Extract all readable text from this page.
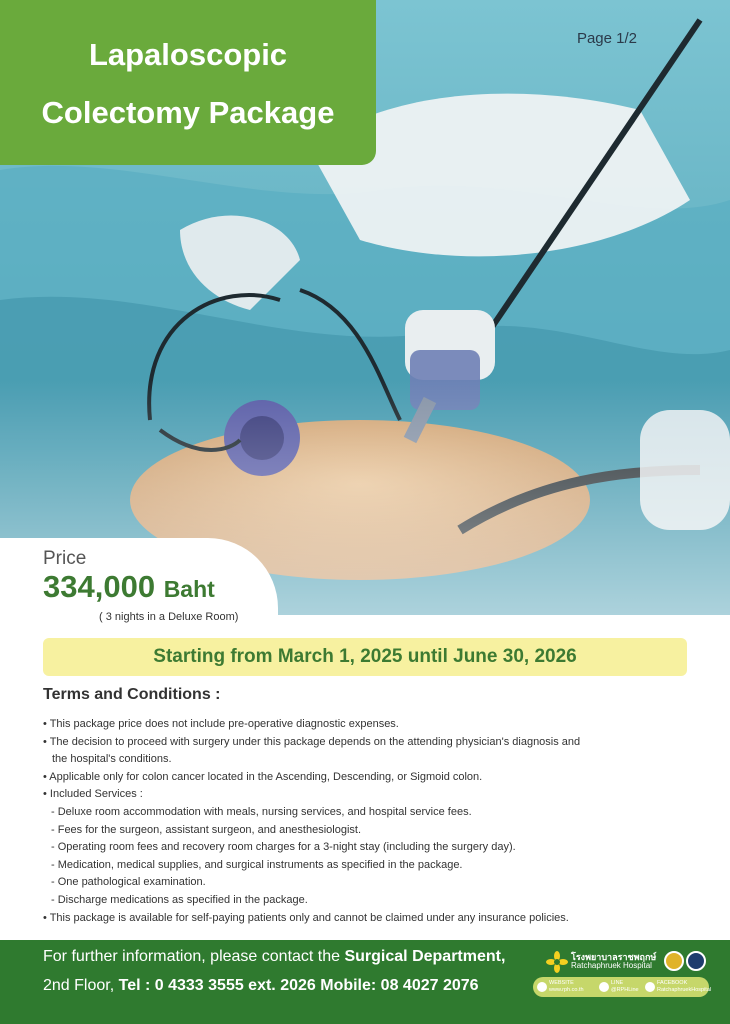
Lapaloscopic
Colectomy Package
Page 1/2
Price
334,000 Baht
( 3 nights in a Deluxe Room)
Starting from March 1, 2025 until June 30, 2026
Terms and Conditions :
• This package price does not include pre-operative diagnostic expenses.
• The decision to proceed with surgery under this package depends on the attending physician's diagnosis and
the hospital's conditions.
• Applicable only for colon cancer located in the Ascending, Descending, or Sigmoid colon.
• Included Services :
- Deluxe room accommodation with meals, nursing services, and hospital service fees.
- Fees for the surgeon, assistant surgeon, and anesthesiologist.
- Operating room fees and recovery room charges for a 3-night stay (including the surgery day).
- Medication, medical supplies, and surgical instruments as specified in the package.
- One pathological examination.
- Discharge medications as specified in the package.
• This package is available for self-paying patients only and cannot be claimed under any insurance policies.
For further information, please contact the Surgical Department,
2nd Floor, Tel : 0 4333 3555 ext. 2026 Mobile: 08 4027 2076
โรงพยาบาลราชพฤกษ์
Ratchaphruek Hospital
WEBSITE
www.rph.co.th
LINE
@RPHLine
FACEBOOK
RatchaphruekHospital
